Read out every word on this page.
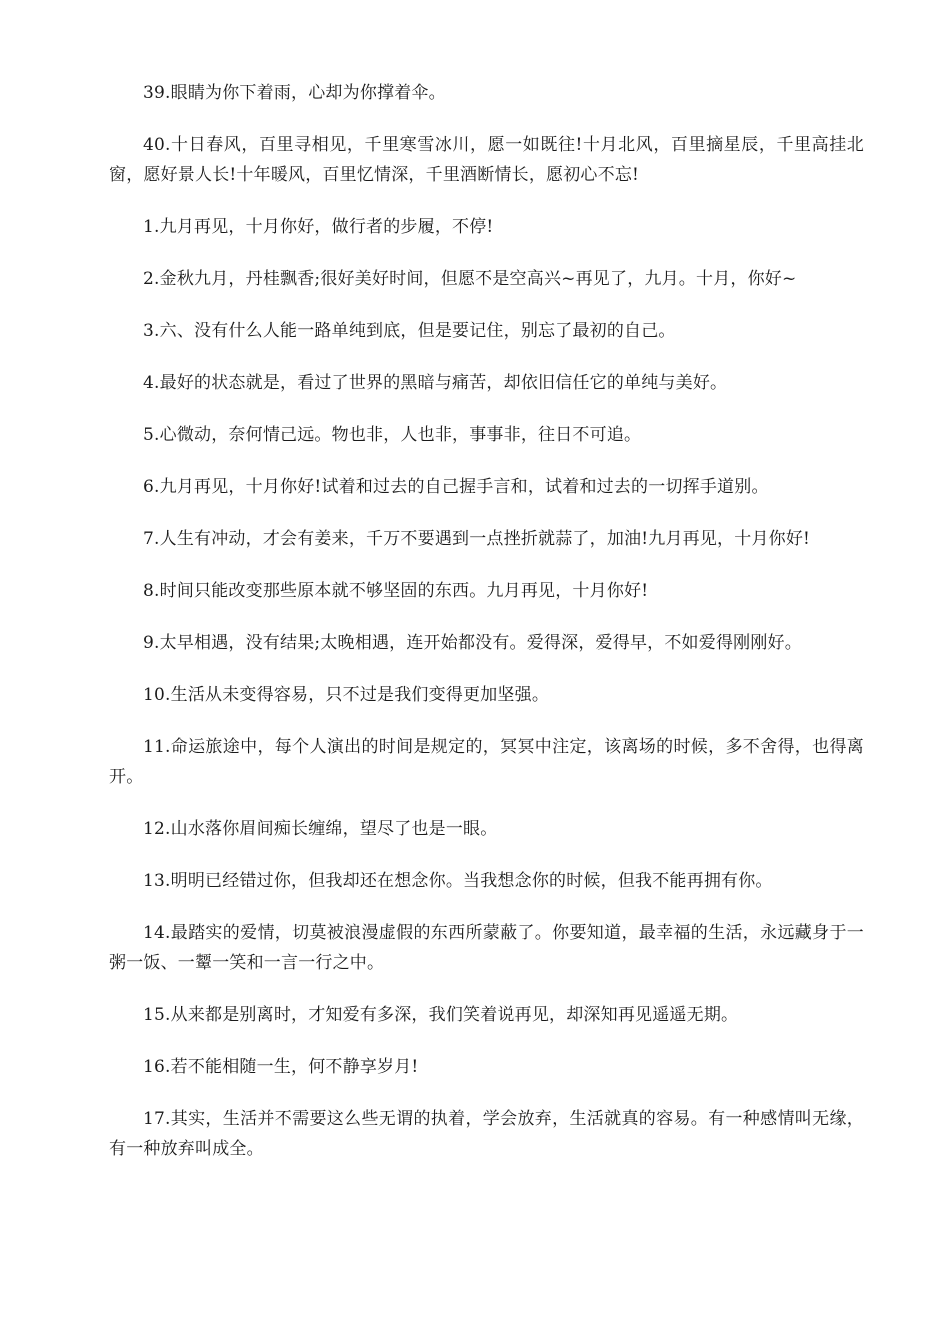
39.眼睛为你下着雨，心却为你撑着伞。

40.十日春风，百里寻相见，千里寒雪冰川，愿一如既往!十月北风，百里摘星辰，千里高挂北窗，愿好景人长!十年暖风，百里忆情深，千里酒断情长，愿初心不忘!

1.九月再见，十月你好，做行者的步履，不停!

2.金秋九月，丹桂飘香;很好美好时间，但愿不是空高兴~再见了，九月。十月，你好~

3.六、没有什么人能一路单纯到底，但是要记住，别忘了最初的自己。

4.最好的状态就是，看过了世界的黑暗与痛苦，却依旧信任它的单纯与美好。

5.心微动，奈何情己远。物也非，人也非，事事非，往日不可追。

6.九月再见，十月你好!试着和过去的自己握手言和，试着和过去的一切挥手道别。

7.人生有冲动，才会有姜来，千万不要遇到一点挫折就蒜了，加油!九月再见，十月你好!

8.时间只能改变那些原本就不够坚固的东西。九月再见，十月你好!

9.太早相遇，没有结果;太晚相遇，连开始都没有。爱得深，爱得早，不如爱得刚刚好。

10.生活从未变得容易，只不过是我们变得更加坚强。

11.命运旅途中，每个人演出的时间是规定的，冥冥中注定，该离场的时候，多不舍得，也得离开。

12.山水落你眉间痴长缠绵，望尽了也是一眼。

13.明明已经错过你，但我却还在想念你。当我想念你的时候，但我不能再拥有你。

14.最踏实的爱情，切莫被浪漫虚假的东西所蒙蔽了。你要知道，最幸福的生活，永远藏身于一粥一饭、一颦一笑和一言一行之中。

15.从来都是别离时，才知爱有多深，我们笑着说再见，却深知再见遥遥无期。

16.若不能相随一生，何不静享岁月!

17.其实，生活并不需要这么些无谓的执着，学会放弃，生活就真的容易。有一种感情叫无缘，有一种放弃叫成全。
